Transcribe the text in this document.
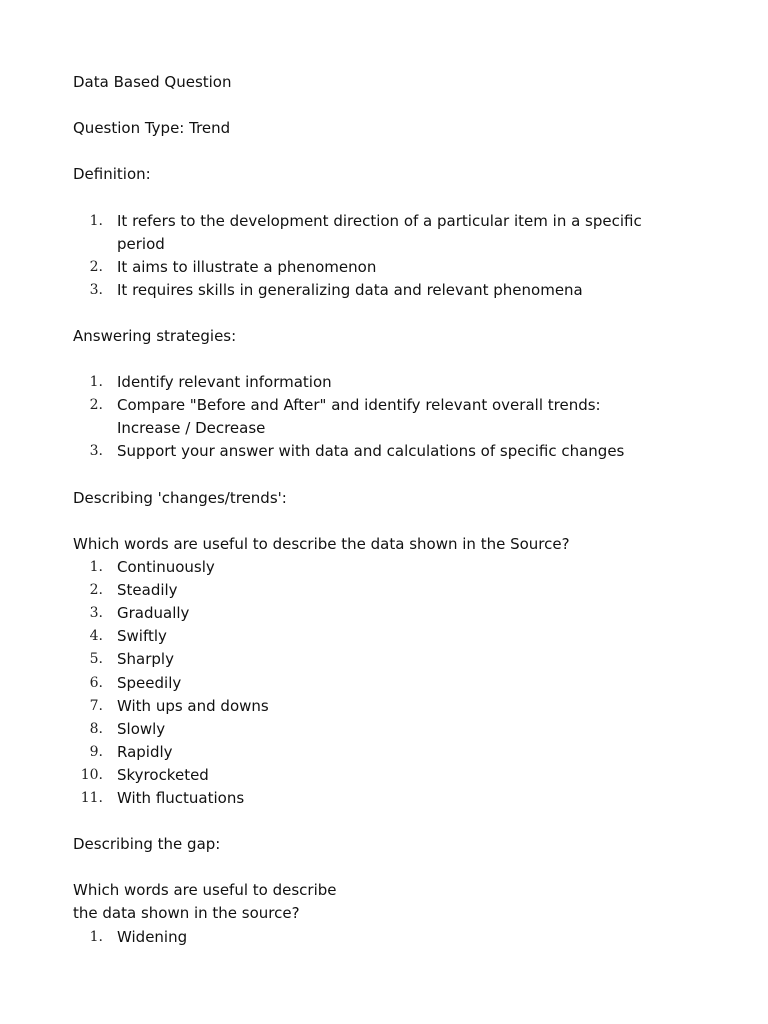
Data Based Question
Question Type: Trend
Definition:
1. It refers to the development direction of a particular item in a specific period
2. It aims to illustrate a phenomenon
3. It requires skills in generalizing data and relevant phenomena
Answering strategies:
1. Identify relevant information
2. Compare "Before and After" and identify relevant overall trends: Increase / Decrease
3. Support your answer with data and calculations of specific changes
Describing 'changes/trends':
Which words are useful to describe the data shown in the Source?
1. Continuously
2. Steadily
3. Gradually
4. Swiftly
5. Sharply
6. Speedily
7. With ups and downs
8. Slowly
9. Rapidly
10. Skyrocketed
11. With fluctuations
Describing the gap:
Which words are useful to describe
the data shown in the source?
1. Widening
